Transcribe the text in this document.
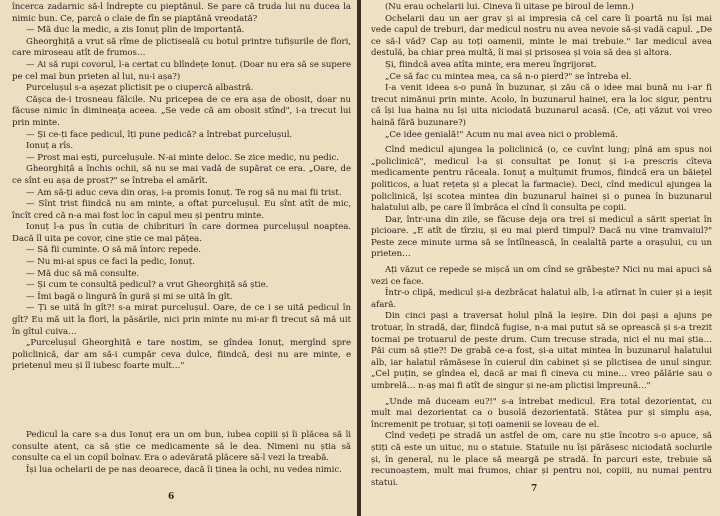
încerca zadarnic să-l îndrepte cu pieptănul. Se pare că truda lui nu ducea la nimic bun. Ce, parcă o claie de fîn se piaptănă vreodată?

— Mă duc la medic, a zis Ionuț plin de importanță.

Gheorghiță a vrut să rîme de plictiseală cu botul printre tufișurile de flori, care miroseau atît de frumos…

— Ai să rupi covorul, l-a certat cu blîndețe Ionuț. (Doar nu era să se supere pe cel mai bun prieten al lui, nu-i așa?)

Purcelușul s-a așezat plictisit pe o ciupercă albastră.

Cășca de-i trosneau fălcile. Nu pricepea de ce era așa de obosit, doar nu făcuse nimic în dimineața aceea. „Se vede că am obosit stînd", i-a trecut lui prin minte.

— Și ce-ți face pedicul, îți pune pedică? a întrebat purcelușul.

Ionuț a rîs.

— Prost mai ești, purcelușule. N-ai minte deloc. Se zice medic, nu pedic.

Gheorghiță a închis ochii, să nu se mai vadă de supărat ce era. „Oare, de ce sînt eu așa de prost?" se întreba el amărît.

— Am să-ți aduc ceva din oraș, i-a promis Ionuț. Te rog să nu mai fii trist.

— Sînt trist fiindcă nu am minte, a oftat purcelușul. Eu sînt atît de mic, încît cred că n-a mai fost loc în capul meu și pentru minte.

Ionuț l-a pus în cutia de chibrituri în care dormea purcelușul noaptea. Dacă îl uita pe covor, cine știe ce mai pățea.

— Să fii cuminte. O să mă întorc repede.

— Nu mi-ai spus ce faci la pedic, Ionuț.

— Mă duc să mă consulte.

— Și cum te consultă pedicul? a vrut Gheorghiță să știe.

— Îmi bagă o lingură în gură și mi se uită în gît.

— Ți se uită în gît?! s-a mirat purcelușul. Oare, de ce i se uită pedicul în gît? Eu mă uit la flori, la păsările, nici prin minte nu mi-ar fi trecut să mă uit în gîtul cuiva…

„Purcelușul Gheorghiță e tare nostim, se gîndea Ionuț, mergînd spre policlinică, dar am să-i cumpăr ceva dulce, fiindcă, deși nu are minte, e prietenul meu și îl iubesc foarte mult…"

Pedicul la care s-a dus Ionuț era un om bun, iubea copiii și îi plăcea să îi consulte atent, ca să știe ce medicamente să le dea. Nimeni nu știa să consulte ca el un copil bolnav. Era o adevărată plăcere să-l vezi la treabă.

Își lua ochelarii de pe nas deoarece, dacă îi ținea la ochi, nu vedea nimic.

6

(Nu erau ochelarii lui. Cineva îi uitase pe biroul de lemn.)

Ochelarii dau un aer grav și ai impresia că cel care îi poartă nu își mai vede capul de treburi, dar medicul nostru nu avea nevoie să-și vadă capul. „De ce să-l văd? Cap au toți oamenii, minte le mai trebuie." Iar medicul avea destulă, ba chiar prea multă, îi mai și prisosea și voia să dea și altora.

Și, fiindcă avea atîta minte, era mereu îngrijorat.

„Ce să fac cu mintea mea, ca să n-o pierd?" se întreba el.

I-a venit ideea s-o pună în buzunar, și zău că o idee mai bună nu i-ar fi trecut nimănui prin minte. Acolo, în buzunarul hainei, era la loc sigur, pentru că își lua haina nu își uita niciodată buzunarul acasă. (Ce, ați văzut voi vreo haină fără buzunare?)

„Ce idee genială!" Acum nu mai avea nici o problemă.

Cînd medicul ajungea la policlinică (o, ce cuvînt lung; pînă am spus noi „policlinică", medicul l-a și consultat pe Ionuț și i-a prescris cîteva medicamente pentru răceala. Ionuț a mulțumit frumos, fiindcă era un băiețel politicos, a luat rețeta și a plecat la farmacie). Deci, cînd medicul ajungea la policlinică, își scotea mintea din buzunarul hainei și o punea în buzunarul halatului alb, pe care îl îmbrăca el cînd îi consulta pe copii.

Dar, într-una din zile, se făcuse deja ora trei și medicul a sărit speriat în picioare. „E atît de tîrziu, și eu mai pierd timpul? Dacă nu vine tramvaiul?" Peste zece minute urma să se întîlnească, în cealaltă parte a orașului, cu un prieten…

Ați văzut ce repede se mișcă un om cînd se grăbește? Nici nu mai apuci să vezi ce face.

Într-o clipă, medicul și-a dezbrăcat halatul alb, l-a atîrnat în cuier și a ieșit afară.

Din cinci pași a traversat holul pînă la ieșire. Din doi pași a ajuns pe trotuar, în stradă, dar, fiindcă fugise, n-a mai putut să se oprească și s-a trezit tocmai pe trotuarul de peste drum. Cum trecuse strada, nici el nu mai știa… Păi cum să știe?! De grabă ce-a fost, și-a uitat mintea în buzunarul halatului alb, iar halatul rămăsese în cuierul din cabinet și se plictisea de unul singur. „Cel puțin, se gîndea el, dacă ar mai fi cineva cu mine… vreo pălărie sau o umbrelă… n-aș mai fi atît de singur și ne-am plictisi împreună…"

„Unde mă duceam eu?!" s-a întrebat medicul. Era total dezorientat, cu mult mai dezorientat ca o busolă dezorientată. Stătea pur și simplu așa, încremenit pe trotuar, și toți oamenii se loveau de el.

Cînd vedeți pe stradă un astfel de om, care nu știe încotro s-o apuce, să știți că este un uituc, nu o statuie. Statuile nu își părăsesc niciodată soclurile și, în general, nu le place să meargă pe stradă. În parcuri este, trebuie să recunoaștem, mult mai frumos, chiar și pentru noi, copiii, nu numai pentru statui.

7
